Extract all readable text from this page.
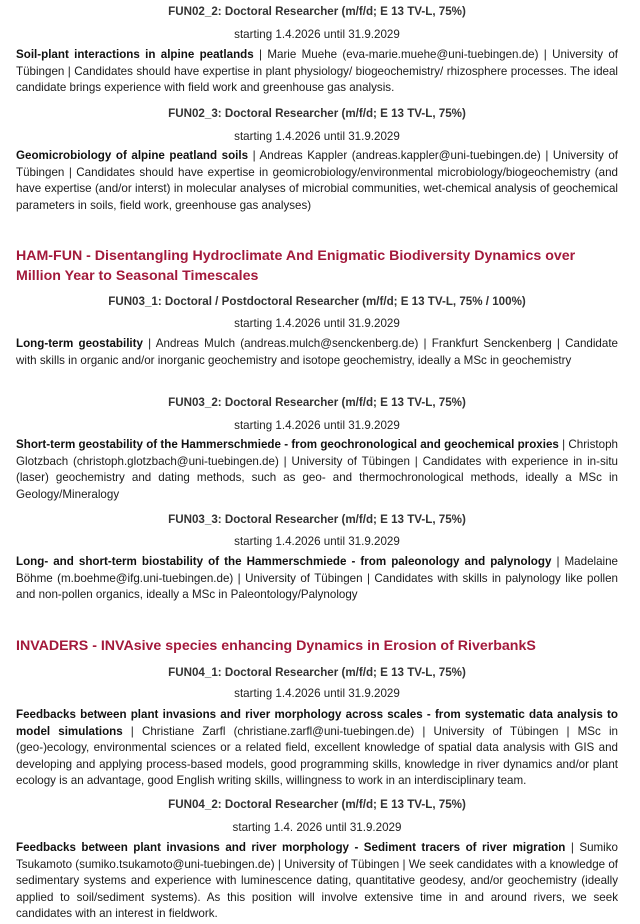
FUN02_2: Doctoral Researcher (m/f/d; E 13 TV-L, 75%)
starting 1.4.2026 until 31.9.2029
Soil-plant interactions in alpine peatlands | Marie Muehe (eva-marie.muehe@uni-tuebingen.de) | University of Tübingen | Candidates should have expertise in plant physiology/ biogeochemistry/ rhizosphere processes. The ideal candidate brings experience with field work and greenhouse gas analysis.
FUN02_3: Doctoral Researcher (m/f/d; E 13 TV-L, 75%)
starting 1.4.2026 until 31.9.2029
Geomicrobiology of alpine peatland soils | Andreas Kappler (andreas.kappler@uni-tuebingen.de) | University of Tübingen | Candidates should have expertise in geomicrobiology/environmental microbiology/biogeochemistry (and have expertise (and/or interst) in molecular analyses of microbial communities, wet-chemical analysis of geochemical parameters in soils, field work, greenhouse gas analyses)
HAM-FUN - Disentangling Hydroclimate And Enigmatic Biodiversity Dynamics over Million Year to Seasonal Timescales
FUN03_1: Doctoral / Postdoctoral Researcher (m/f/d; E 13 TV-L, 75% / 100%)
starting 1.4.2026 until 31.9.2029
Long-term geostability | Andreas Mulch (andreas.mulch@senckenberg.de) | Frankfurt Senckenberg | Candidate with skills in organic and/or inorganic geochemistry and isotope geochemistry, ideally a MSc in geochemistry
FUN03_2: Doctoral Researcher (m/f/d; E 13 TV-L, 75%)
starting 1.4.2026 until 31.9.2029
Short-term geostability of the Hammerschmiede - from geochronological and geochemical proxies | Christoph Glotzbach (christoph.glotzbach@uni-tuebingen.de) | University of Tübingen | Candidates with experience in in-situ (laser) geochemistry and dating methods, such as geo- and thermochronological methods, ideally a MSc in Geology/Mineralogy
FUN03_3: Doctoral Researcher (m/f/d; E 13 TV-L, 75%)
starting 1.4.2026 until 31.9.2029
Long- and short-term biostability of the Hammerschmiede - from paleonology and palynology | Madelaine Böhme (m.boehme@ifg.uni-tuebingen.de) | University of Tübingen | Candidates with skills in palynology like pollen and non-pollen organics, ideally a MSc in Paleontology/Palynology
INVADERS - INVAsive species enhancing Dynamics in Erosion of RiverbankS
FUN04_1: Doctoral Researcher (m/f/d; E 13 TV-L, 75%)
starting 1.4.2026 until 31.9.2029
Feedbacks between plant invasions and river morphology across scales - from systematic data analysis to model simulations | Christiane Zarfl (christiane.zarfl@uni-tuebingen.de) | University of Tübingen | MSc in (geo-)ecology, environmental sciences or a related field, excellent knowledge of spatial data analysis with GIS and developing and applying process-based models, good programming skills, knowledge in river dynamics and/or plant ecology is an advantage, good English writing skills, willingness to work in an interdisciplinary team.
FUN04_2: Doctoral Researcher (m/f/d; E 13 TV-L, 75%)
starting 1.4. 2026 until 31.9.2029
Feedbacks between plant invasions and river morphology - Sediment tracers of river migration | Sumiko Tsukamoto (sumiko.tsukamoto@uni-tuebingen.de) | University of Tübingen | We seek candidates with a knowledge of sedimentary systems and experience with luminescence dating, quantitative geodesy, and/or geochemistry (ideally applied to soil/sediment systems). As this position will involve extensive time in and around rivers, we seek candidates with an interest in fieldwork.
